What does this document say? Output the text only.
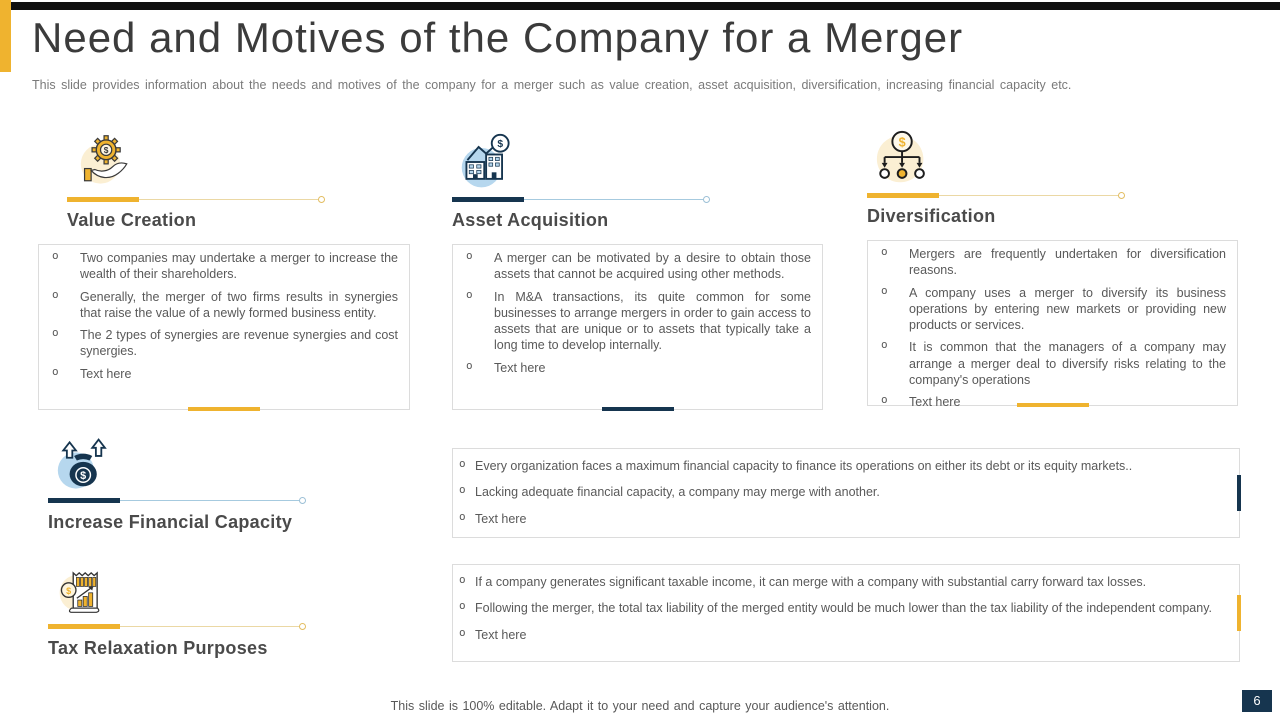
Need and Motives of the Company for a Merger

This slide provides information about the needs and motives of the company for a merger such as value creation, asset acquisition, diversification, increasing financial capacity etc.

$
Value Creation
o Two companies may undertake a merger to increase the wealth of their shareholders.
o Generally, the merger of two firms results in synergies that raise the value of a newly formed business entity.
o The 2 types of synergies are revenue synergies and cost synergies.
o Text here
$
Asset Acquisition
o A merger can be motivated by a desire to obtain those assets that cannot be acquired using other methods.
o In M&A transactions, its quite common for some businesses to arrange mergers in order to gain access to assets that are unique or to assets that typically take a long time to develop internally.
o Text here
$
Diversification
o Mergers are frequently undertaken for diversification reasons.
o A company uses a merger to diversify its business operations by entering new markets or providing new products or services.
o It is common that the managers of a company may arrange a merger deal to diversify risks relating to the company's operations
o Text here
$
Increase Financial Capacity
o Every organization faces a maximum financial capacity to finance its operations on either its debt or its equity markets..
o Lacking adequate financial capacity, a company may merge with another.
o Text here
$
Tax Relaxation Purposes
o If a company generates significant taxable income, it can merge with a company with substantial carry forward tax losses.
o Following the merger, the total tax liability of the merged entity would be much lower than the tax liability of the independent company.
o Text here
This slide is 100% editable. Adapt it to your need and capture your audience's attention.	6
